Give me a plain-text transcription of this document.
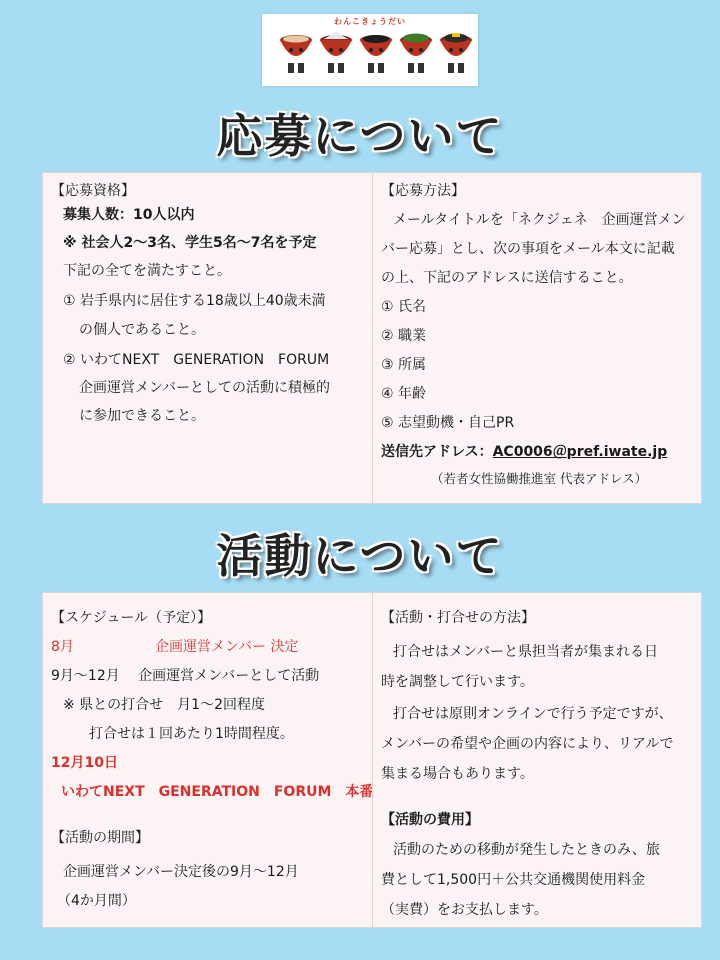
わんこきょうだい
応募について
【応募資格】
募集人数：10人以内
※ 社会人2～3名、学生5名～7名を予定
下記の全てを満たすこと。
① 岩手県内に居住する18歳以上40歳未満
の個人であること。
② いわてNEXT　GENERATION　FORUM
企画運営メンバーとしての活動に積極的
に参加できること。
【応募方法】
メールタイトルを「ネクジェネ　企画運営メン
バー応募」とし、次の事項をメール本文に記載
の上、下記のアドレスに送信すること。
① 氏名
② 職業
③ 所属
④ 年齢
⑤ 志望動機・自己PR
送信先アドレス：AC0006＠pref.iwate.jp
（若者女性協働推進室 代表アドレス）
活動について
【スケジュール（予定）】
8月	企画運営メンバー 決定
9月～12月　 企画運営メンバーとして活動
※ 県との打合せ　月1～2回程度
打合せは１回あたり1時間程度。
12月10日
いわてNEXT　GENERATION　FORUM　本番
【活動の期間】
企画運営メンバー決定後の9月～12月
（4か月間）
【活動・打合せの方法】
打合せはメンバーと県担当者が集まれる日
時を調整して行います。
打合せは原則オンラインで行う予定ですが、
メンバーの希望や企画の内容により、リアルで
集まる場合もあります。
【活動の費用】
活動のための移動が発生したときのみ、旅
費として1,500円＋公共交通機関使用料金
（実費）をお支払します。
